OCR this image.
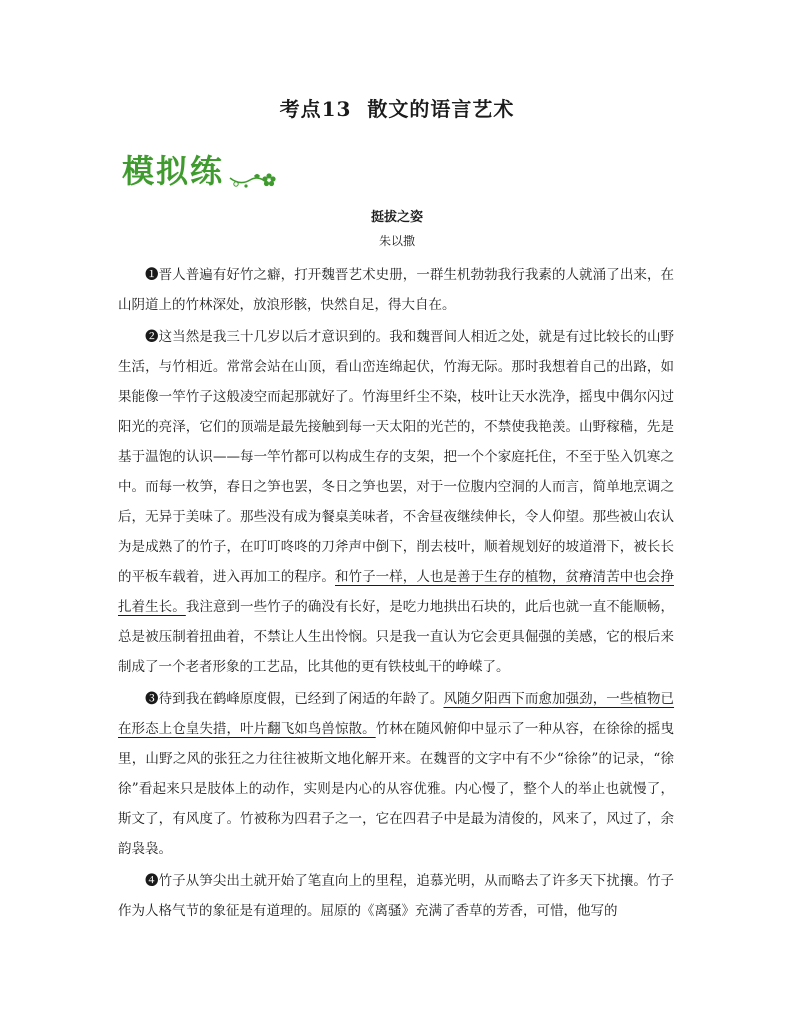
考点13 散文的语言艺术
模拟练
挺拔之姿
朱以撒

❶晋人普遍有好竹之癖，打开魏晋艺术史册，一群生机勃勃我行我素的人就涌了出来，在山阴道上的竹林深处，放浪形骸，快然自足，得大自在。

❷这当然是我三十几岁以后才意识到的。我和魏晋间人相近之处，就是有过比较长的山野生活，与竹相近。常常会站在山顶，看山峦连绵起伏，竹海无际。那时我想着自己的出路，如果能像一竿竹子这般凌空而起那就好了。竹海里纤尘不染，枝叶让天水洗净，摇曳中偶尔闪过阳光的亮泽，它们的顶端是最先接触到每一天太阳的光芒的，不禁使我艳羡。山野稼穑，先是基于温饱的认识——每一竿竹都可以构成生存的支架，把一个个家庭托住，不至于坠入饥寒之中。而每一枚笋，春日之笋也罢，冬日之笋也罢，对于一位腹内空洞的人而言，简单地烹调之后，无异于美味了。那些没有成为餐桌美味者，不舍昼夜继续伸长，令人仰望。那些被山农认为是成熟了的竹子，在叮叮咚咚的刀斧声中倒下，削去枝叶，顺着规划好的坡道滑下，被长长的平板车载着，进入再加工的程序。和竹子一样，人也是善于生存的植物，贫瘠清苦中也会挣扎着生长。我注意到一些竹子的确没有长好，是吃力地拱出石块的，此后也就一直不能顺畅，总是被压制着扭曲着，不禁让人生出怜悯。只是我一直认为它会更具倔强的美感，它的根后来制成了一个老者形象的工艺品，比其他的更有铁枝虬干的峥嵘了。

❸待到我在鹤峰原度假，已经到了闲适的年龄了。风随夕阳西下而愈加强劲，一些植物已在形态上仓皇失措，叶片翻飞如鸟兽惊散。竹林在随风俯仰中显示了一种从容，在徐徐的摇曳里，山野之风的张狂之力往往被斯文地化解开来。在魏晋的文字中有不少“徐徐”的记录，“徐徐”看起来只是肢体上的动作，实则是内心的从容优雅。内心慢了，整个人的举止也就慢了，斯文了，有风度了。竹被称为四君子之一，它在四君子中是最为清俊的，风来了，风过了，余韵袅袅。

❹竹子从笋尖出土就开始了笔直向上的里程，追慕光明，从而略去了许多天下扰攘。竹子作为人格气节的象征是有道理的。屈原的《离骚》充满了香草的芳香，可惜，他写的
